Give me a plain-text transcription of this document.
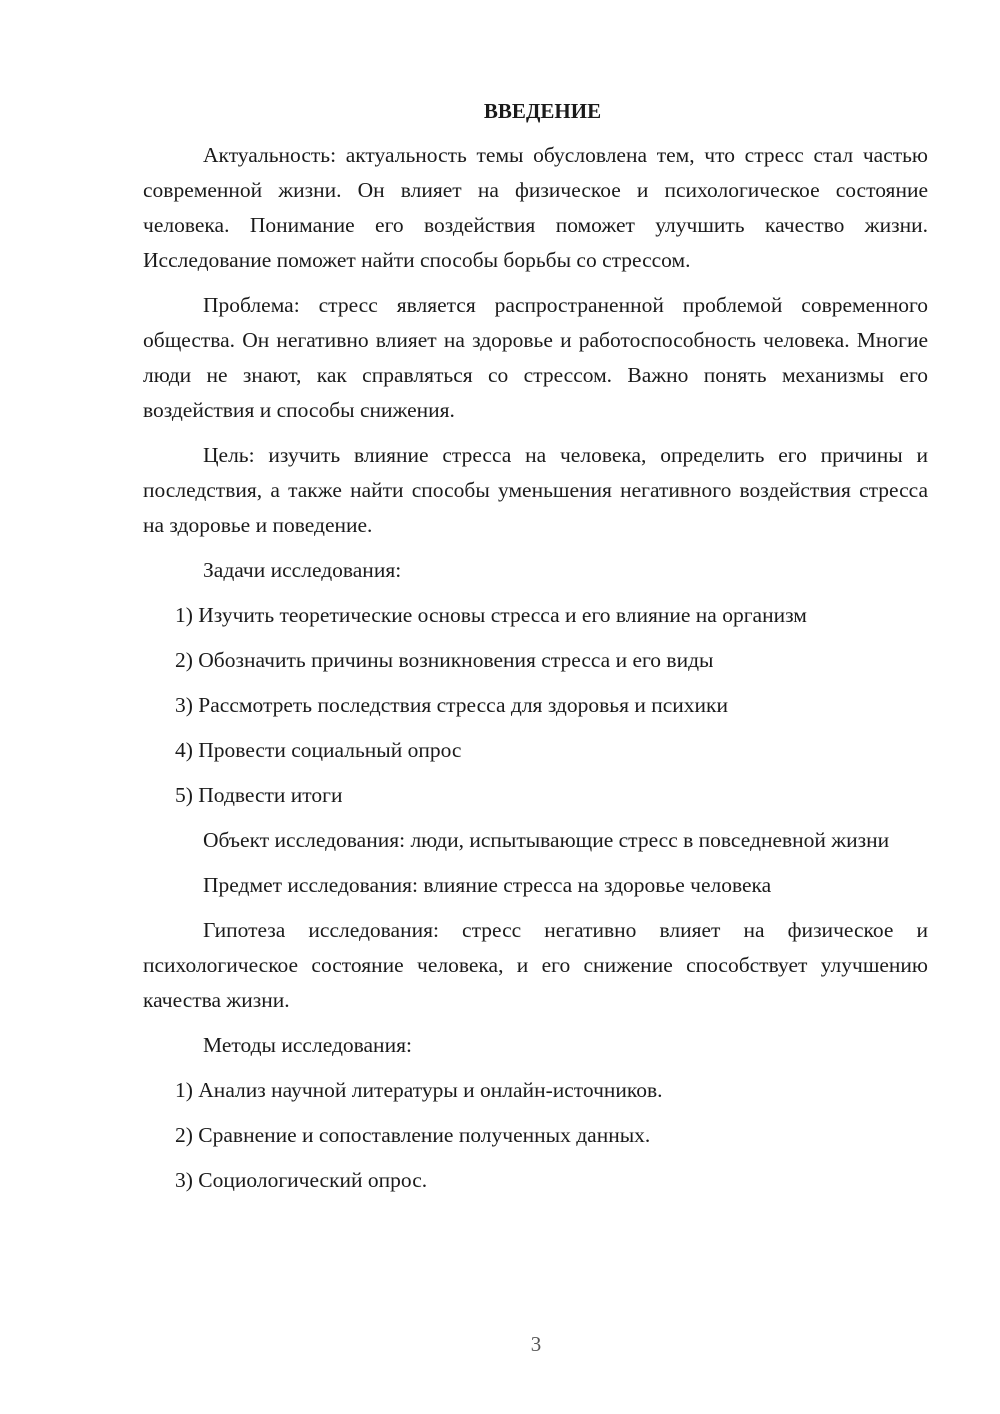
ВВЕДЕНИЕ

Актуальность: актуальность темы обусловлена тем, что стресс стал частью современной жизни. Он влияет на физическое и психологическое состояние человека. Понимание его воздействия поможет улучшить качество жизни. Исследование поможет найти способы борьбы со стрессом.

Проблема: стресс является распространенной проблемой современного общества. Он негативно влияет на здоровье и работоспособность человека. Многие люди не знают, как справляться со стрессом. Важно понять механизмы его воздействия и способы снижения.

Цель: изучить влияние стресса на человека, определить его причины и последствия, а также найти способы уменьшения негативного воздействия стресса на здоровье и поведение.

Задачи исследования:

1) Изучить теоретические основы стресса и его влияние на организм
2) Обозначить причины возникновения стресса и его виды
3) Рассмотреть последствия стресса для здоровья и психики
4) Провести социальный опрос
5) Подвести итоги

Объект исследования: люди, испытывающие стресс в повседневной жизни

Предмет исследования: влияние стресса на здоровье человека

Гипотеза исследования: стресс негативно влияет на физическое и психологическое состояние человека, и его снижение способствует улучшению качества жизни.

Методы исследования:

1) Анализ научной литературы и онлайн-источников.
2) Сравнение и сопоставление полученных данных.
3) Социологический опрос.
3
